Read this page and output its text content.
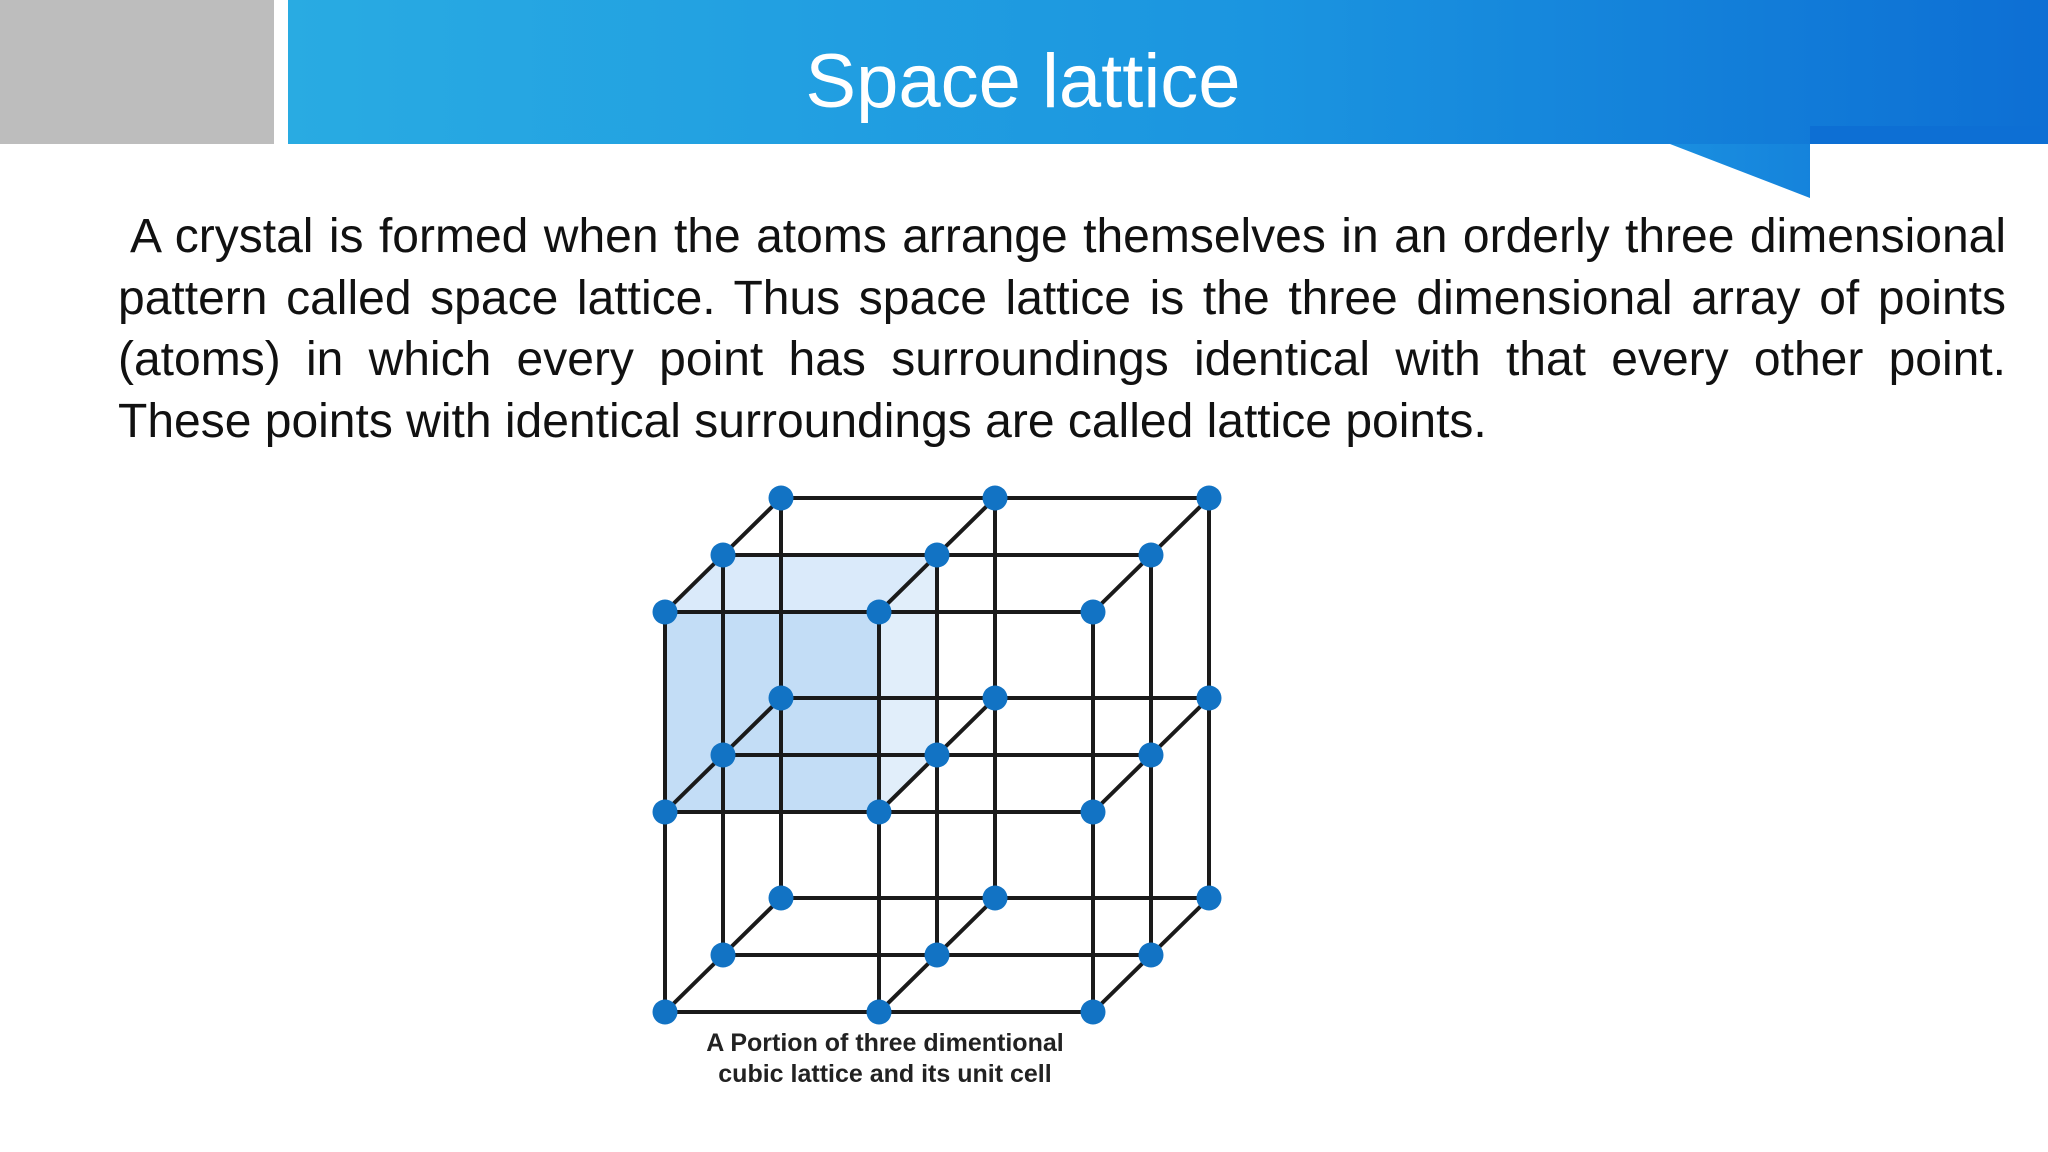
Space lattice

A crystal is formed when the atoms arrange themselves in an orderly three dimensional pattern called space lattice. Thus space lattice is the three dimensional array of points (atoms) in which every point has surroundings identical with that every other point. These points with identical surroundings are called lattice points.

A Portion of three dimentional
cubic lattice and its unit cell
